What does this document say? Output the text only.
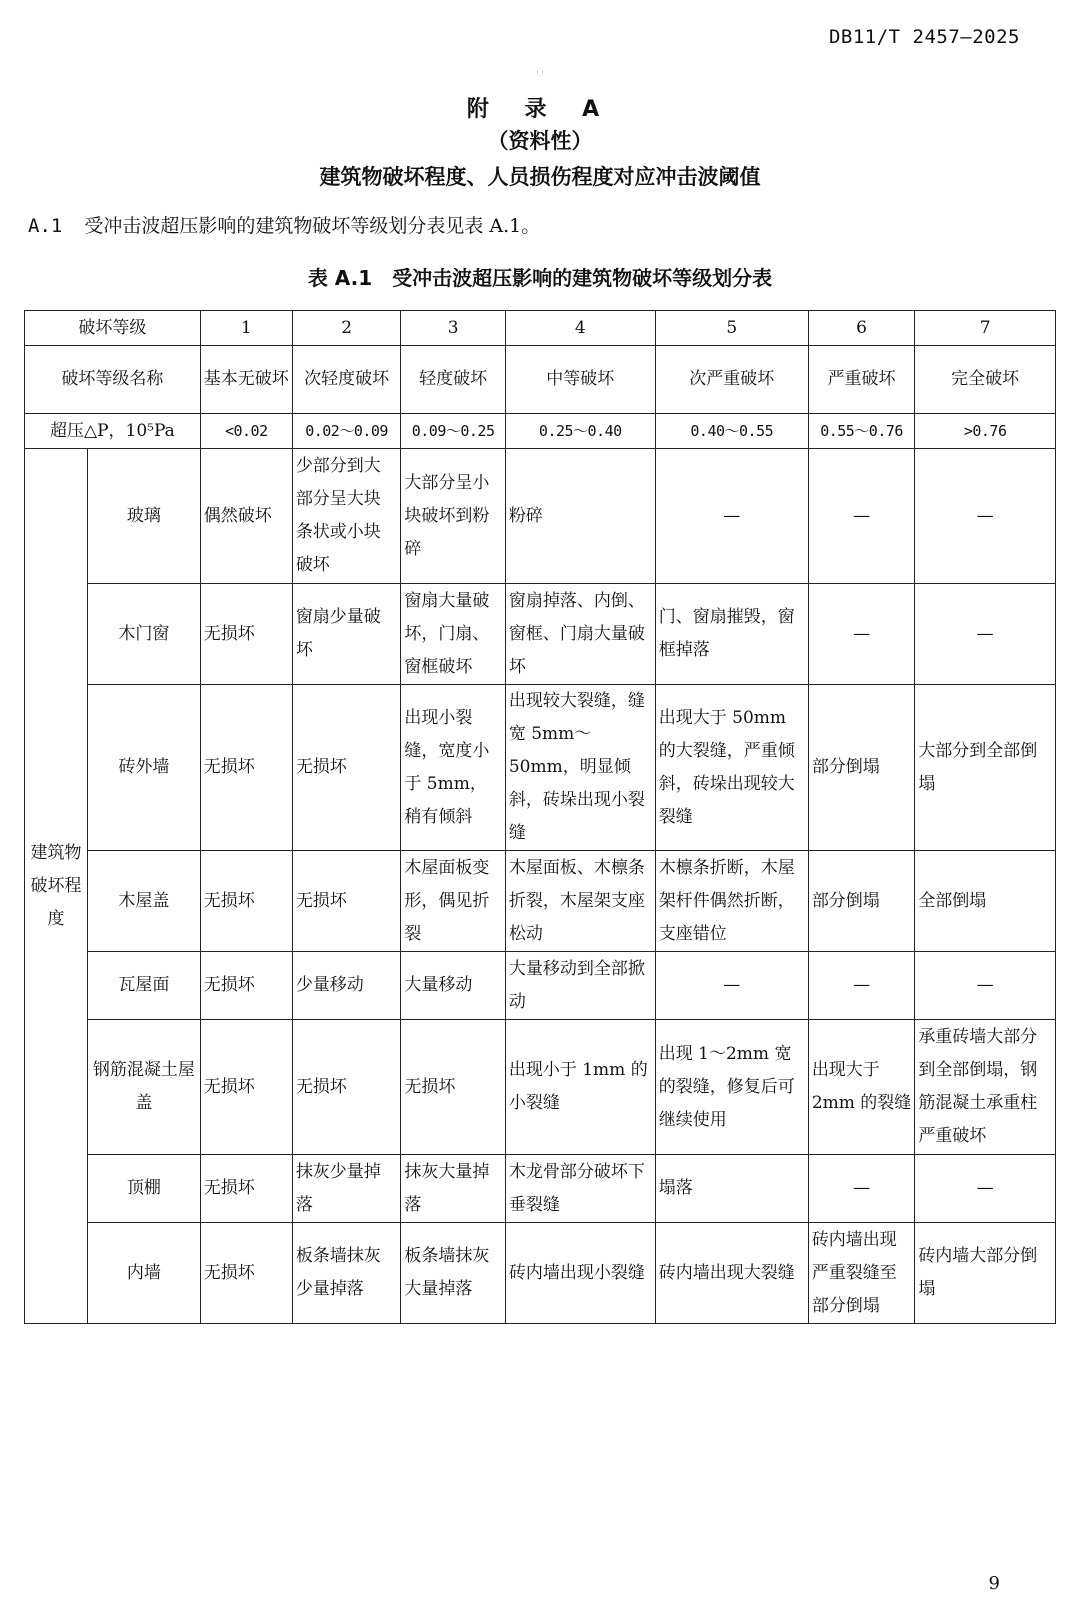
DB11/T 2457—2025
' '
附 录 A
（资料性）
建筑物破坏程度、人员损伤程度对应冲击波阈值
A.1 受冲击波超压影响的建筑物破坏等级划分表见表 A.1。
表 A.1　受冲击波超压影响的建筑物破坏等级划分表
破坏等级		1	2	3	4	5	6	7
破坏等级名称		基本无破坏	次轻度破坏	轻度破坏	中等破坏	次严重破坏	严重破坏	完全破坏
超压△P，10⁵Pa		<0.02	0.02～0.09	0.09～0.25	0.25～0.40	0.40～0.55	0.55～0.76	>0.76
建筑物破坏程度	玻璃	偶然破坏	少部分到大部分呈大块条状或小块破坏	大部分呈小块破坏到粉碎	粉碎	—	—	—
	木门窗	无损坏	窗扇少量破坏	窗扇大量破坏，门扇、窗框破坏	窗扇掉落、内倒、窗框、门扇大量破坏	门、窗扇摧毁，窗框掉落	—	—
	砖外墙	无损坏	无损坏	出现小裂缝，宽度小于 5mm，稍有倾斜	出现较大裂缝，缝宽 5mm～50mm，明显倾斜，砖垛出现小裂缝	出现大于 50mm 的大裂缝，严重倾斜，砖垛出现较大裂缝	部分倒塌	大部分到全部倒塌
	木屋盖	无损坏	无损坏	木屋面板变形，偶见折裂	木屋面板、木檩条折裂，木屋架支座松动	木檩条折断，木屋架杆件偶然折断，支座错位	部分倒塌	全部倒塌
	瓦屋面	无损坏	少量移动	大量移动	大量移动到全部掀动	—	—	—
	钢筋混凝土屋盖	无损坏	无损坏	无损坏	出现小于 1mm 的小裂缝	出现 1～2mm 宽的裂缝，修复后可继续使用	出现大于 2mm 的裂缝	承重砖墙大部分到全部倒塌，钢筋混凝土承重柱严重破坏
	顶棚	无损坏	抹灰少量掉落	抹灰大量掉落	木龙骨部分破坏下垂裂缝	塌落	—	—
	内墙	无损坏	板条墙抹灰少量掉落	板条墙抹灰大量掉落	砖内墙出现小裂缝	砖内墙出现大裂缝	砖内墙出现严重裂缝至部分倒塌	砖内墙大部分倒塌
9
